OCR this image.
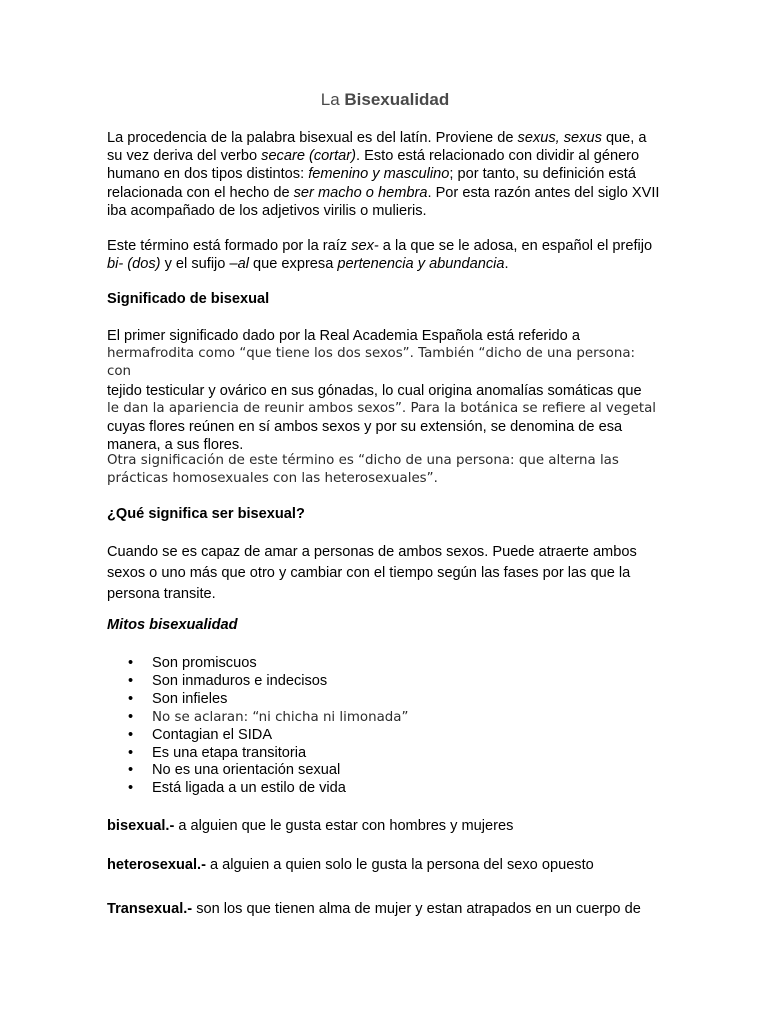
La Bisexualidad

La procedencia de la palabra bisexual es del latín. Proviene de sexus, sexus que, a su vez deriva del verbo secare (cortar). Esto está relacionado con dividir al género humano en dos tipos distintos: femenino y masculino; por tanto, su definición está relacionada con el hecho de ser macho o hembra. Por esta razón antes del siglo XVII iba acompañado de los adjetivos virilis o mulieris.

Este término está formado por la raíz sex- a la que se le adosa, en español el prefijo bi- (dos) y el sufijo –al que expresa pertenencia y abundancia.

Significado de bisexual
El primer significado dado por la Real Academia Española está referido a
hermafrodita como “que tiene los dos sexos”. También “dicho de una persona: con
tejido testicular y ovárico en sus gónadas, lo cual origina anomalías somáticas que
le dan la apariencia de reunir ambos sexos”. Para la botánica se refiere al vegetal
cuyas flores reúnen en sí ambos sexos y por su extensión, se denomina de esa manera, a sus flores.

Otra significación de este término es “dicho de una persona: que alterna las prácticas homosexuales con las heterosexuales”.

¿Qué significa ser bisexual?

Cuando se es capaz de amar a personas de ambos sexos. Puede atraerte ambos sexos o uno más que otro y cambiar con el tiempo según las fases por las que la persona transite.

Mitos bisexualidad
• Son promiscuos
• Son inmaduros e indecisos
• Son infieles
• No se aclaran: “ni chicha ni limonada”
• Contagian el SIDA
• Es una etapa transitoria
• No es una orientación sexual
• Está ligada a un estilo de vida
bisexual.- a alguien que le gusta estar con hombres y mujeres
heterosexual.- a alguien a quien solo le gusta la persona del sexo opuesto
Transexual.- son los que tienen alma de mujer y estan atrapados en un cuerpo de
